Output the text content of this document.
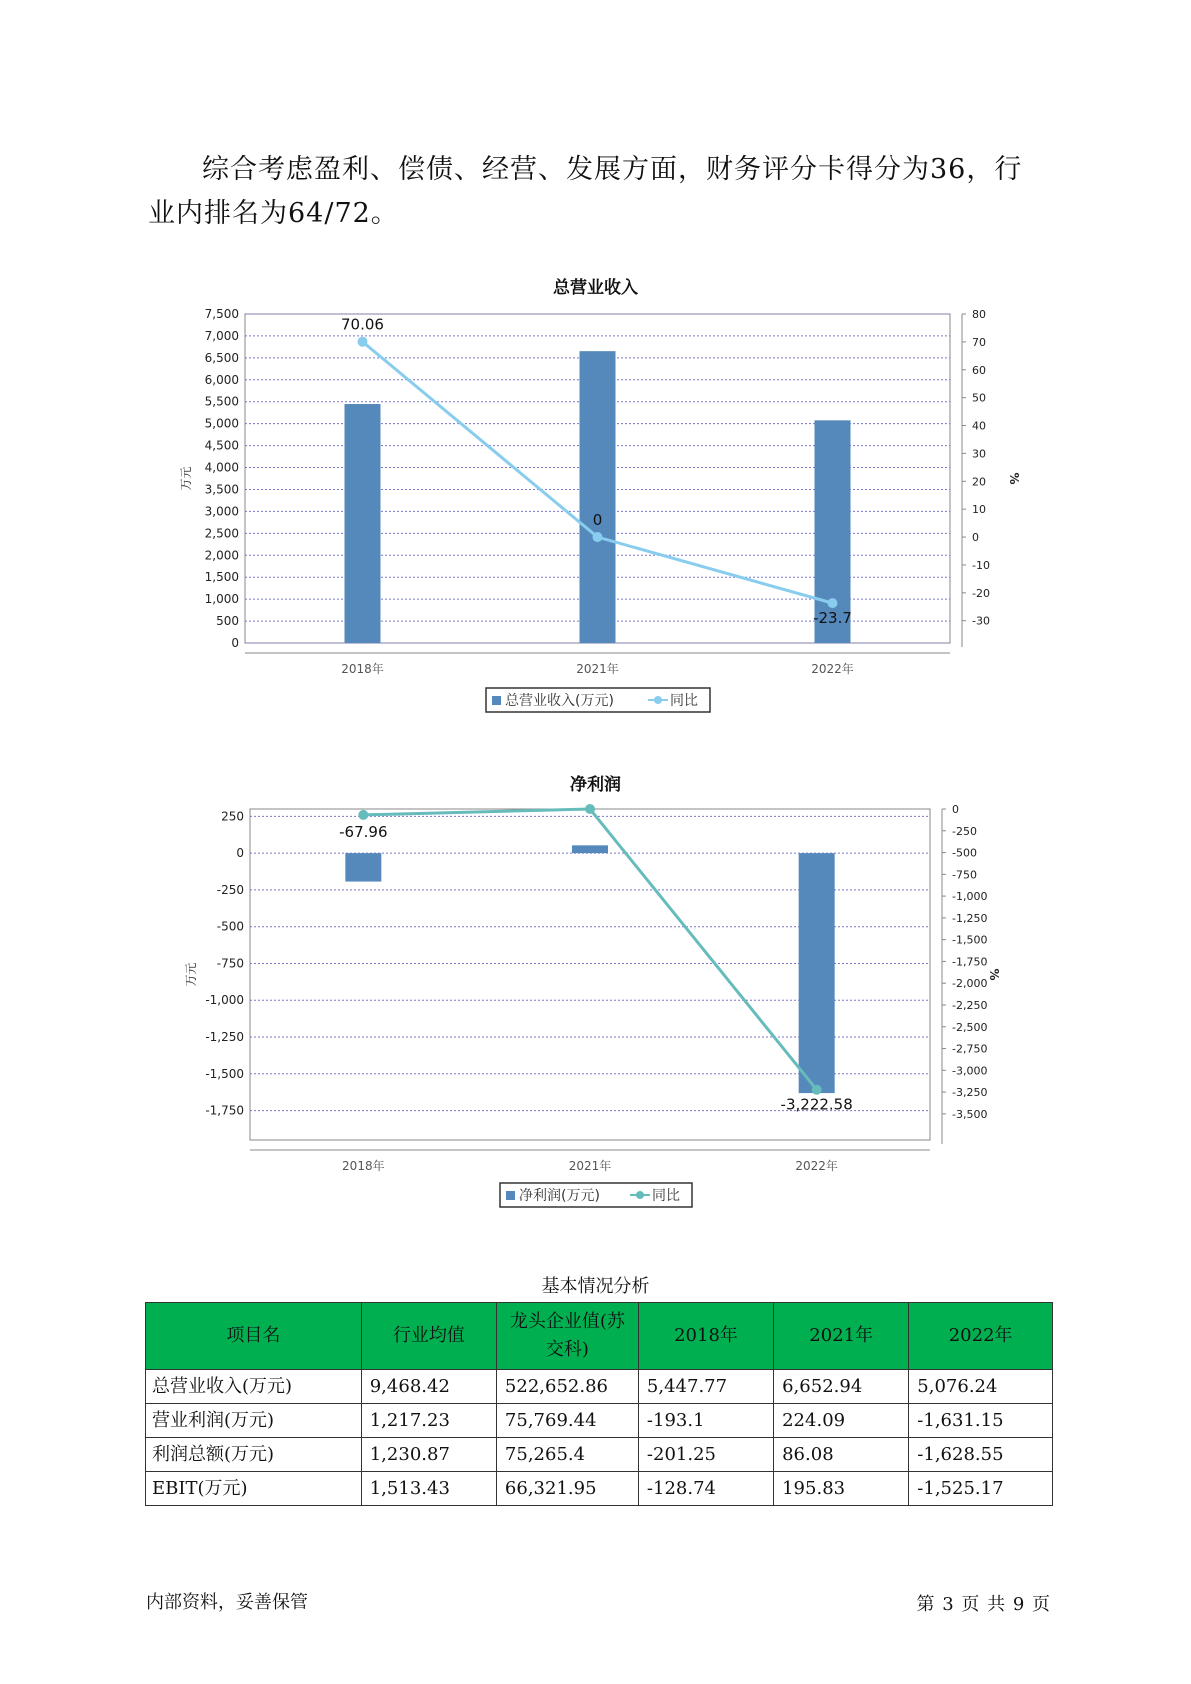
综合考虑盈利、偿债、经营、发展方面，财务评分卡得分为36，行业内排名为64/72。

总营业收入
7,500
7,000
6,500
6,000
5,500
5,000
4,500
4,000
3,500
3,000
2,500
2,000
1,500
1,000
500
0
80
70
60
50
40
30
20
10
0
-10
-20
-30
万元	%
2018年	2021年	2022年
70.06
0
-23.7
总营业收入(万元)	同比
净利润
250
0
-250
-500
-750
-1,000
-1,250
-1,500
-1,750
0
-250
-500
-750
-1,000
-1,250
-1,500
-1,750
-2,000
-2,250
-2,500
-2,750
-3,000
-3,250
-3,500
万元	%
2018年	2021年	2022年
-67.96
-3,222.58
净利润(万元)	同比
基本情况分析
项目名	行业均值	龙头企业值(苏交科)	2018年	2021年	2022年
总营业收入(万元)	9,468.42	522,652.86	5,447.77	6,652.94	5,076.24
营业利润(万元)	1,217.23	75,769.44	-193.1	224.09	-1,631.15
利润总额(万元)	1,230.87	75,265.4	-201.25	86.08	-1,628.55
EBIT(万元)	1,513.43	66,321.95	-128.74	195.83	-1,525.17
内部资料，妥善保管	第 3 页 共 9 页
